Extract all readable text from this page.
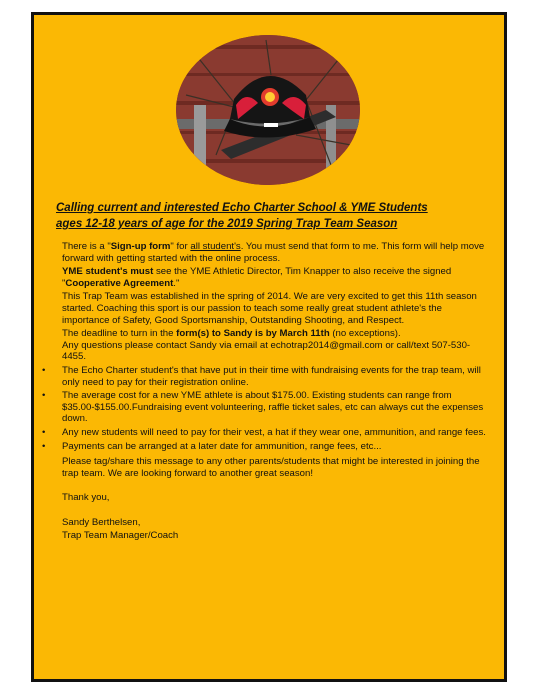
Calling current and interested Echo Charter School & YME Students
ages 12-18 years of age for the 2019 Spring Trap Team Season

There is a "Sign-up form" for all student's. You must send that form to me. This form will help move forward with getting started with the online process.

YME student's must see the YME Athletic Director, Tim Knapper to also receive the signed "Cooperative Agreement."

This Trap Team was established in the spring of 2014. We are very excited to get this 11th season started. Coaching this sport is our passion to teach some really great student athlete's the importance of Safety, Good Sportsmanship, Outstanding Shooting, and Respect.

The deadline to turn in the form(s) to Sandy is by March 11th (no exceptions).
Any questions please contact Sandy via email at echotrap2014@gmail.com or call/text 507-530-4455.

• The Echo Charter student's that have put in their time with fundraising events for the trap team, will only need to pay for their registration online.
• The average cost for a new YME athlete is about $175.00. Existing students can range from $35.00-$155.00.Fundraising event volunteering, raffle ticket sales, etc can always cut the expenses down.
• Any new students will need to pay for their vest, a hat if they wear one, ammunition, and range fees.
• Payments can be arranged at a later date for ammunition, range fees, etc...

Please tag/share this message to any other parents/students that might be interested in joining the trap team. We are looking forward to another great season!

Thank you,

Sandy Berthelsen,

Trap Team Manager/Coach
